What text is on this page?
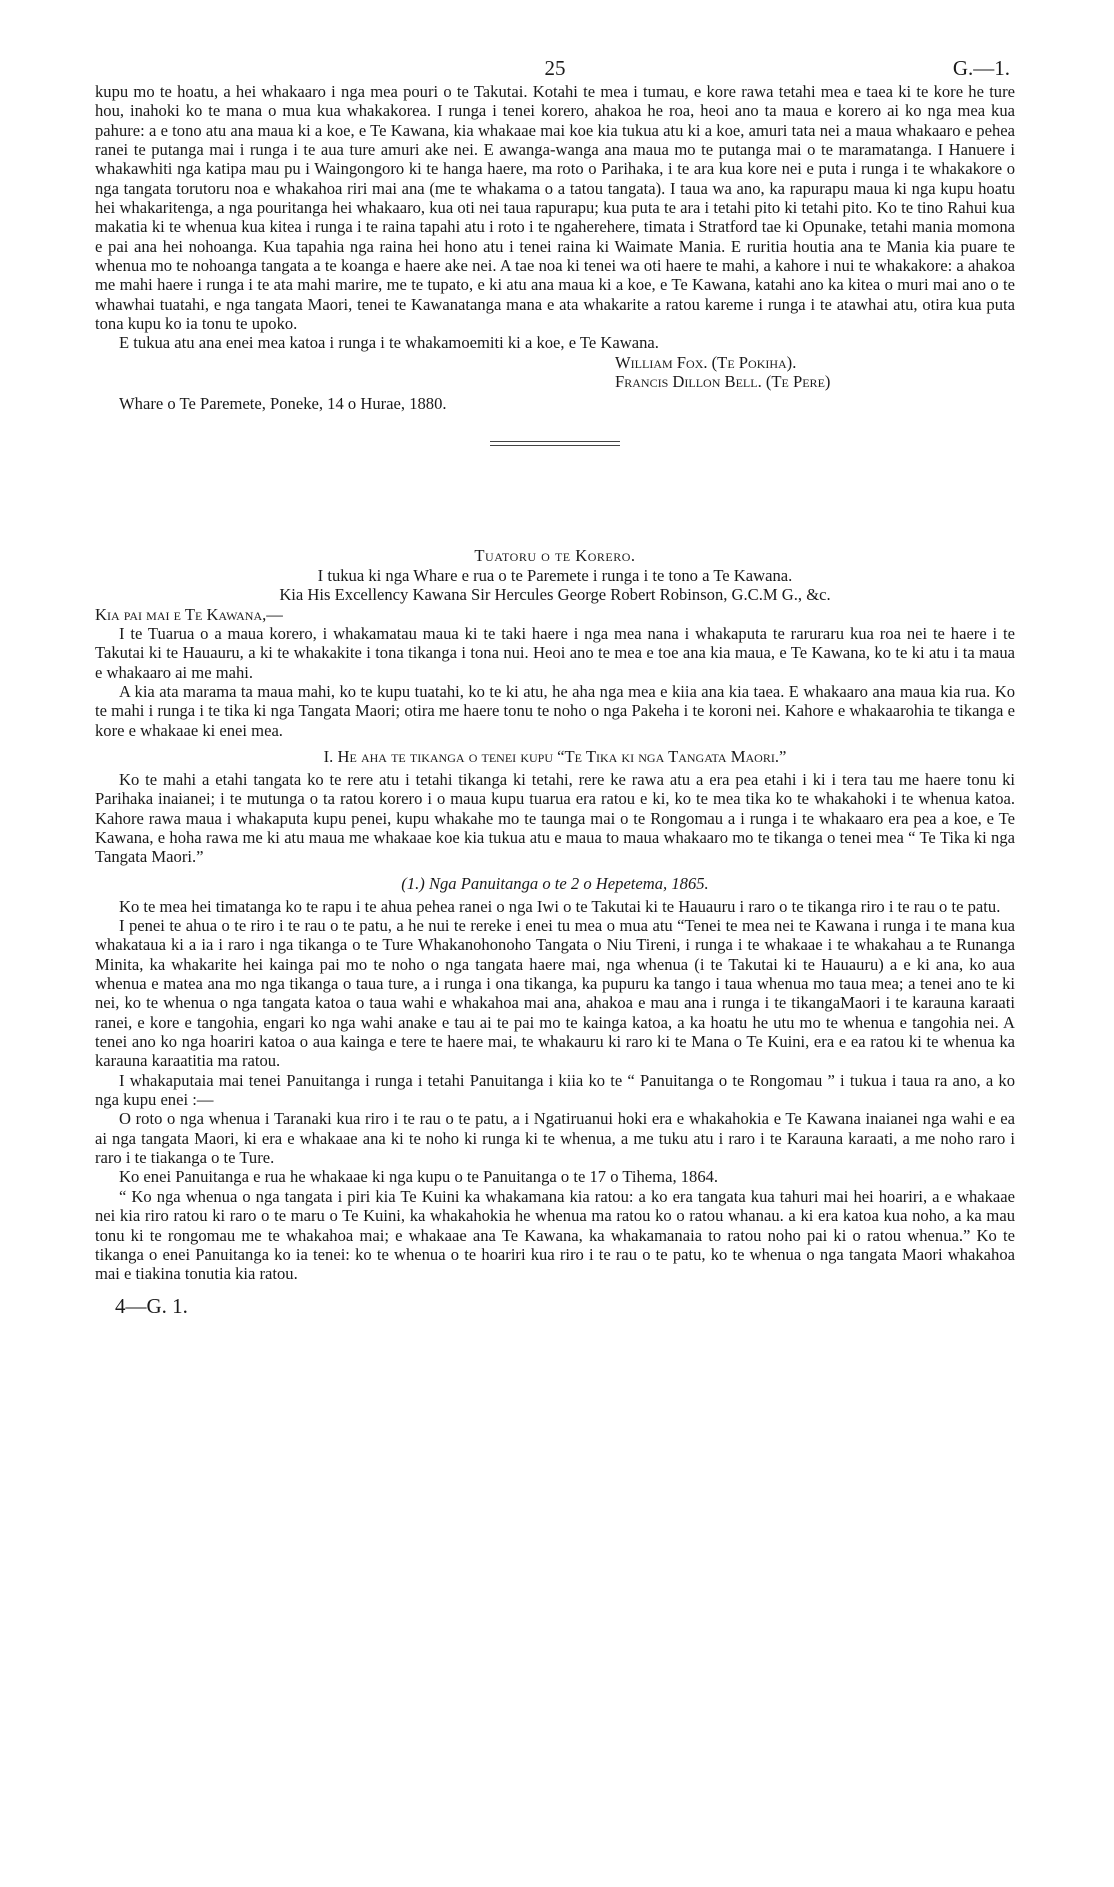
25	G.—1.

kupu mo te hoatu, a hei whakaaro i nga mea pouri o te Takutai. Kotahi te mea i tumau, e kore rawa tetahi mea e taea ki te kore he ture hou, inahoki ko te mana o mua kua whakakorea. I runga i tenei korero, ahakoa he roa, heoi ano ta maua e korero ai ko nga mea kua pahure: a e tono atu ana maua ki a koe, e Te Kawana, kia whakaae mai koe kia tukua atu ki a koe, amuri tata nei a maua whakaaro e pehea ranei te putanga mai i runga i te aua ture amuri ake nei. E awanga-wanga ana maua mo te putanga mai o te maramatanga. I Hanuere i whakawhiti nga katipa mau pu i Waingongoro ki te hanga haere, ma roto o Parihaka, i te ara kua kore nei e puta i runga i te whakakore o nga tangata torutoru noa e whakahoa riri mai ana (me te whakama o a tatou tangata). I taua wa ano, ka rapurapu maua ki nga kupu hoatu hei whakaritenga, a nga pouritanga hei whakaaro, kua oti nei taua rapurapu; kua puta te ara i tetahi pito ki tetahi pito. Ko te tino Rahui kua makatia ki te whenua kua kitea i runga i te raina tapahi atu i roto i te ngaherehere, timata i Stratford tae ki Opunake, tetahi mania momona e pai ana hei nohoanga. Kua tapahia nga raina hei hono atu i tenei raina ki Waimate Mania. E ruritia houtia ana te Mania kia puare te whenua mo te nohoanga tangata a te koanga e haere ake nei. A tae noa ki tenei wa oti haere te mahi, a kahore i nui te whakakore: a ahakoa me mahi haere i runga i te ata mahi marire, me te tupato, e ki atu ana maua ki a koe, e Te Kawana, katahi ano ka kitea o muri mai ano o te whawhai tuatahi, e nga tangata Maori, tenei te Kawanatanga mana e ata whakarite a ratou kareme i runga i te atawhai atu, otira kua puta tona kupu ko ia tonu te upoko.

E tukua atu ana enei mea katoa i runga i te whakamoemiti ki a koe, e Te Kawana.

William Fox. (Te Pokiha).
Francis Dillon Bell. (Te Pere)

Whare o Te Paremete, Poneke, 14 o Hurae, 1880.

Tuatoru o te Korero.

I tukua ki nga Whare e rua o te Paremete i runga i te tono a Te Kawana.

Kia His Excellency Kawana Sir Hercules George Robert Robinson, G.C.M G., &c.

Kia pai mai e Te Kawana,—

I te Tuarua o a maua korero, i whakamatau maua ki te taki haere i nga mea nana i whakaputa te raruraru kua roa nei te haere i te Takutai ki te Hauauru, a ki te whakakite i tona tikanga i tona nui. Heoi ano te mea e toe ana kia maua, e Te Kawana, ko te ki atu i ta maua e whakaaro ai me mahi.

A kia ata marama ta maua mahi, ko te kupu tuatahi, ko te ki atu, he aha nga mea e kiia ana kia taea. E whakaaro ana maua kia rua. Ko te mahi i runga i te tika ki nga Tangata Maori; otira me haere tonu te noho o nga Pakeha i te koroni nei. Kahore e whakaarohia te tikanga e kore e whakaae ki enei mea.

I. He aha te tikanga o tenei kupu “Te Tika ki nga Tangata Maori.”

Ko te mahi a etahi tangata ko te rere atu i tetahi tikanga ki tetahi, rere ke rawa atu a era pea etahi i ki i tera tau me haere tonu ki Parihaka inaianei; i te mutunga o ta ratou korero i o maua kupu tuarua era ratou e ki, ko te mea tika ko te whakahoki i te whenua katoa. Kahore rawa maua i whakaputa kupu penei, kupu whakahe mo te taunga mai o te Rongomau a i runga i te whakaaro era pea a koe, e Te Kawana, e hoha rawa me ki atu maua me whakaae koe kia tukua atu e maua to maua whakaaro mo te tikanga o tenei mea “ Te Tika ki nga Tangata Maori.”

(1.) Nga Panuitanga o te 2 o Hepetema, 1865.

Ko te mea hei timatanga ko te rapu i te ahua pehea ranei o nga Iwi o te Takutai ki te Hauauru i raro o te tikanga riro i te rau o te patu.

I penei te ahua o te riro i te rau o te patu, a he nui te rereke i enei tu mea o mua atu “Tenei te mea nei te Kawana i runga i te mana kua whakataua ki a ia i raro i nga tikanga o te Ture Whakanohonoho Tangata o Niu Tireni, i runga i te whakaae i te whakahau a te Runanga Minita, ka whakarite hei kainga pai mo te noho o nga tangata haere mai, nga whenua (i te Takutai ki te Hauauru) a e ki ana, ko aua whenua e matea ana mo nga tikanga o taua ture, a i runga i ona tikanga, ka pupuru ka tango i taua whenua mo taua mea; a tenei ano te ki nei, ko te whenua o nga tangata katoa o taua wahi e whakahoa mai ana, ahakoa e mau ana i runga i te tikangaMaori i te karauna karaati ranei, e kore e tangohia, engari ko nga wahi anake e tau ai te pai mo te kainga katoa, a ka hoatu he utu mo te whenua e tangohia nei. A tenei ano ko nga hoariri katoa o aua kainga e tere te haere mai, te whakauru ki raro ki te Mana o Te Kuini, era e ea ratou ki te whenua ka karauna karaatitia ma ratou.

I whakaputaia mai tenei Panuitanga i runga i tetahi Panuitanga i kiia ko te “ Panuitanga o te Rongomau ” i tukua i taua ra ano, a ko nga kupu enei :—

O roto o nga whenua i Taranaki kua riro i te rau o te patu, a i Ngatiruanui hoki era e whakahokia e Te Kawana inaianei nga wahi e ea ai nga tangata Maori, ki era e whakaae ana ki te noho ki runga ki te whenua, a me tuku atu i raro i te Karauna karaati, a me noho raro i raro i te tiakanga o te Ture.

Ko enei Panuitanga e rua he whakaae ki nga kupu o te Panuitanga o te 17 o Tihema, 1864.

“ Ko nga whenua o nga tangata i piri kia Te Kuini ka whakamana kia ratou: a ko era tangata kua tahuri mai hei hoariri, a e whakaae nei kia riro ratou ki raro o te maru o Te Kuini, ka whakahokia he whenua ma ratou ko o ratou whanau. a ki era katoa kua noho, a ka mau tonu ki te rongomau me te whakahoa mai; e whakaae ana Te Kawana, ka whakamanaia to ratou noho pai ki o ratou whenua.” Ko te tikanga o enei Panuitanga ko ia tenei: ko te whenua o te hoariri kua riro i te rau o te patu, ko te whenua o nga tangata Maori whakahoa mai e tiakina tonutia kia ratou.

4—G. 1.
